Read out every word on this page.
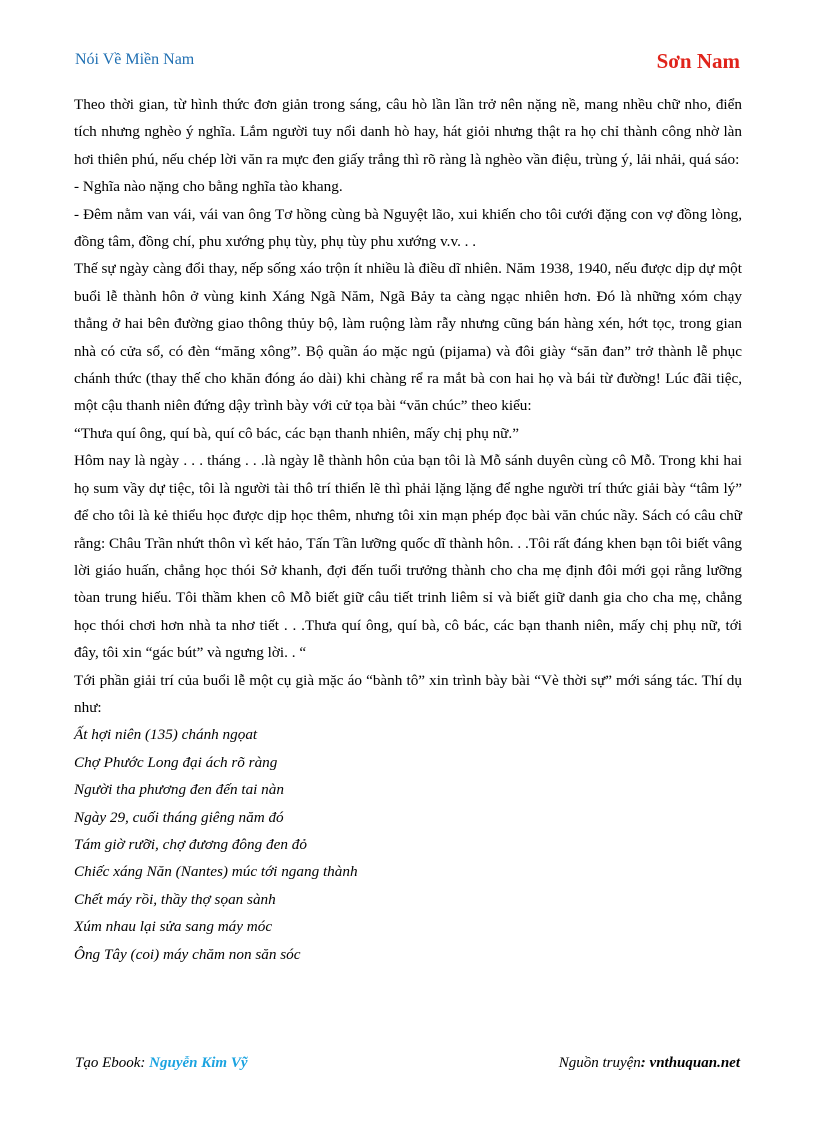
Nói Về Miền Nam	Sơn Nam

Theo thời gian, từ hình thức đơn giản trong sáng, câu hò lần lần trở nên nặng nề, mang nhều chữ nho, điển tích nhưng nghèo ý nghĩa. Lắm người tuy nổi danh hò hay, hát giỏi nhưng thật ra họ chỉ thành công nhờ làn hơi thiên phú, nếu chép lời văn ra mực đen giấy trắng thì rõ ràng là nghèo vần điệu, trùng ý, lải nhải, quá sáo:

- Nghĩa nào nặng cho bằng nghĩa tào khang.

- Đêm nằm van vái, vái van ông Tơ hồng cùng bà Nguyệt lão, xui khiến cho tôi cưới đặng con vợ đồng lòng, đồng tâm, đồng chí, phu xướng phụ tùy, phụ tùy phu xướng v.v. . .

Thế sự ngày càng đổi thay, nếp sống xáo trộn ít nhiều là điều dĩ nhiên. Năm 1938, 1940, nếu được dịp dự một buổi lễ thành hôn ở vùng kinh Xáng Ngã Năm, Ngã Bảy ta càng ngạc nhiên hơn. Đó là những xóm chạy thẳng ở hai bên đường giao thông thủy bộ, làm ruộng làm rẫy nhưng cũng bán hàng xén, hớt tọc, trong gian nhà có cửa sổ, có đèn “măng xông”. Bộ quần áo mặc ngủ (pijama) và đôi giày “săn đan” trở thành lễ phục chánh thức (thay thế cho khăn đóng áo dài) khi chàng rể ra mắt bà con hai họ và bái từ đường! Lúc đãi tiệc, một cậu thanh niên đứng dậy trình bày với cử tọa bài “văn chúc” theo kiểu:

“Thưa quí ông, quí bà, quí cô bác, các bạn thanh nhiên, mấy chị phụ nữ.”

Hôm nay là ngày . . . tháng . . .là ngày lễ thành hôn của bạn tôi là Mỗ sánh duyên cùng cô Mỗ. Trong khi hai họ sum vầy dự tiệc, tôi là người tài thô trí thiển lẽ thì phải lặng lặng để nghe người trí thức giải bày “tâm lý” để cho tôi là kẻ thiểu học được dịp học thêm, nhưng tôi xin mạn phép đọc bài văn chúc nầy. Sách có câu chữ rằng: Châu Trần nhứt thôn vì kết hảo, Tấn Tần lưỡng quốc dĩ thành hôn. . .Tôi rất đáng khen bạn tôi biết vâng lời giáo huấn, chẳng học thói Sở khanh, đợi đến tuổi trưởng thành cho cha mẹ định đôi mới gọi rằng lưỡng tòan trung hiếu. Tôi thầm khen cô Mỗ biết giữ câu tiết trinh liêm sỉ và biết giữ danh gia cho cha mẹ, chẳng học thói chơi hơn nhà ta nhơ tiết . . .Thưa quí ông, quí bà, cô bác, các bạn thanh niên, mấy chị phụ nữ, tới đây, tôi xin “gác bút” và ngưng lời. . “

Tới phần giải trí của buổi lễ một cụ già mặc áo “bành tô” xin trình bày bài “Vè thời sự” mới sáng tác. Thí dụ như:

Ất hợi niên (135) chánh ngọat

Chợ Phước Long đại ách rõ ràng

Người tha phương đen đến tai nàn

Ngày 29, cuối tháng giêng năm đó

Tám giờ rưỡi, chợ đương đông đen đỏ

Chiếc xáng Năn (Nantes) múc tới ngang thành

Chết máy rồi, thầy thợ sọan sành

Xúm nhau lại sửa sang máy móc

Ông Tây (coi) máy chăm non săn sóc

Tạo Ebook: Nguyễn Kim Vỹ	Nguồn truyện: vnthuquan.net
